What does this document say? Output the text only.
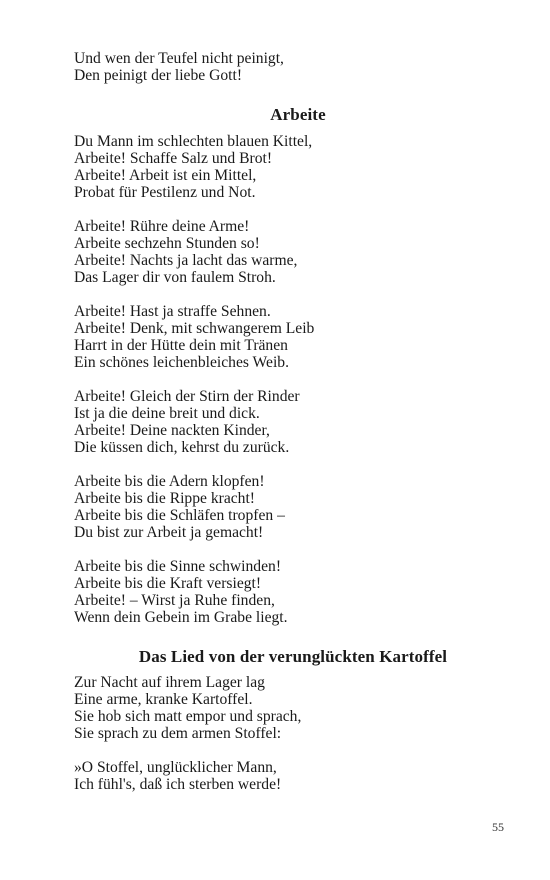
Und wen der Teufel nicht peinigt,
Den peinigt der liebe Gott!
Arbeite
Du Mann im schlechten blauen Kittel,
Arbeite! Schaffe Salz und Brot!
Arbeite! Arbeit ist ein Mittel,
Probat für Pestilenz und Not.
Arbeite! Rühre deine Arme!
Arbeite sechzehn Stunden so!
Arbeite! Nachts ja lacht das warme,
Das Lager dir von faulem Stroh.
Arbeite! Hast ja straffe Sehnen.
Arbeite! Denk, mit schwangerem Leib
Harrt in der Hütte dein mit Tränen
Ein schönes leichenbleiches Weib.
Arbeite! Gleich der Stirn der Rinder
Ist ja die deine breit und dick.
Arbeite! Deine nackten Kinder,
Die küssen dich, kehrst du zurück.
Arbeite bis die Adern klopfen!
Arbeite bis die Rippe kracht!
Arbeite bis die Schläfen tropfen –
Du bist zur Arbeit ja gemacht!
Arbeite bis die Sinne schwinden!
Arbeite bis die Kraft versiegt!
Arbeite! – Wirst ja Ruhe finden,
Wenn dein Gebein im Grabe liegt.
Das Lied von der verunglückten Kartoffel
Zur Nacht auf ihrem Lager lag
Eine arme, kranke Kartoffel.
Sie hob sich matt empor und sprach,
Sie sprach zu dem armen Stoffel:
»O Stoffel, unglücklicher Mann,
Ich fühl's, daß ich sterben werde!
55
